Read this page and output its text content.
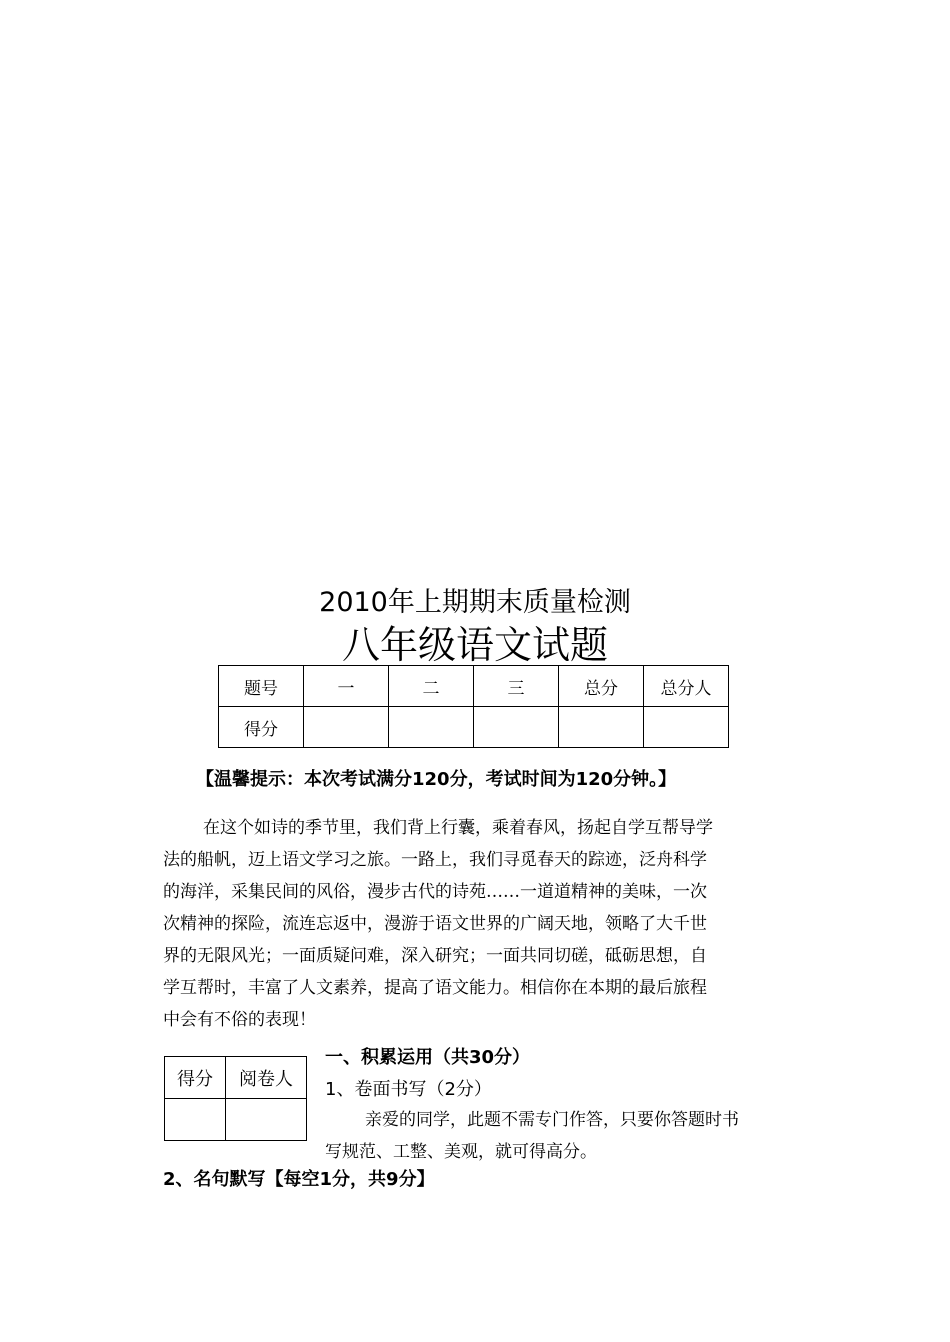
2010年上期期末质量检测
八年级语文试题
题号	一	二	三	总分	总分人
得分					
【温馨提示：本次考试满分120分，考试时间为120分钟。】
在这个如诗的季节里，我们背上行囊，乘着春风，扬起自学互帮导学
法的船帆，迈上语文学习之旅。一路上，我们寻觅春天的踪迹，泛舟科学
的海洋，采集民间的风俗，漫步古代的诗苑……一道道精神的美味，一次
次精神的探险，流连忘返中，漫游于语文世界的广阔天地，领略了大千世
界的无限风光；一面质疑问难，深入研究；一面共同切磋，砥砺思想，自
学互帮时，丰富了人文素养，提高了语文能力。相信你在本期的最后旅程
中会有不俗的表现！
得分	阅卷人

一、积累运用（共30分）
1、卷面书写（2分）
亲爱的同学，此题不需专门作答，只要你答题时书
写规范、工整、美观，就可得高分。
2、名句默写【每空1分，共9分】
